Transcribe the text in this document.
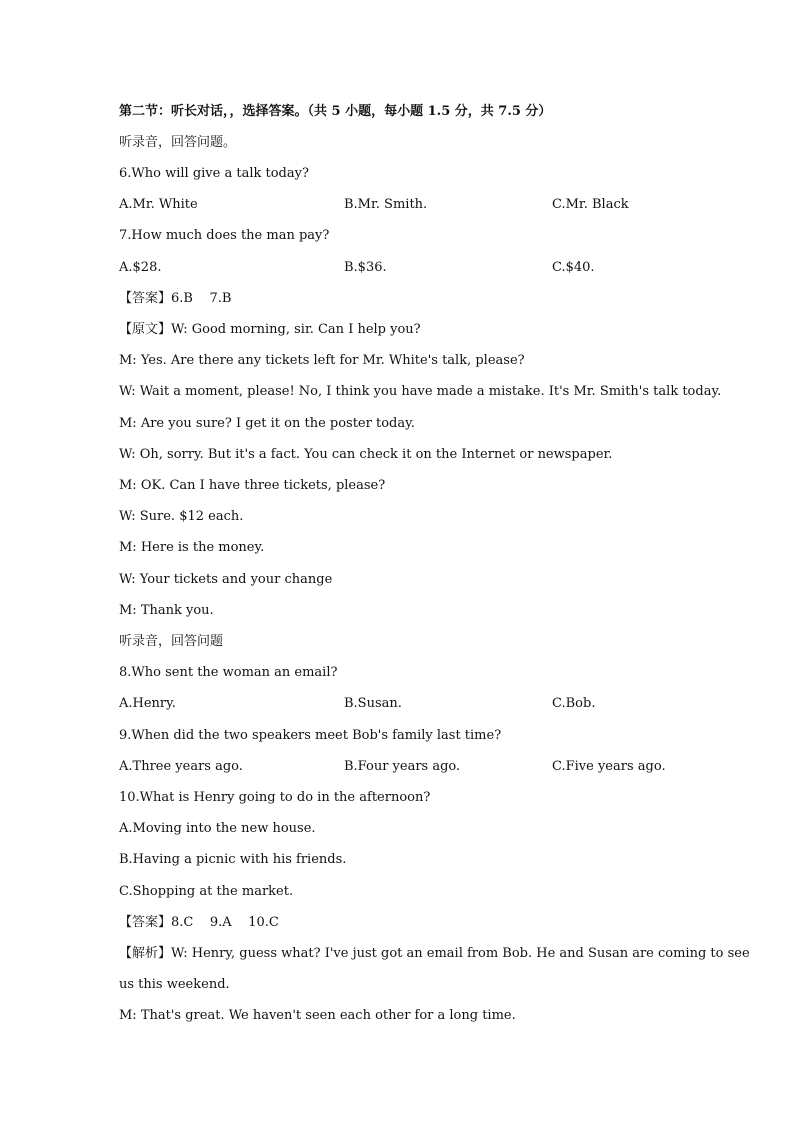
第二节：听长对话，，选择答案。（共 5 小题，每小题 1.5 分，共 7.5 分）
听录音，回答问题。
6.Who will give a talk today?
A.Mr. White	B.Mr. Smith.	C.Mr. Black
7.How much does the man pay?
A.$28.	B.$36.	C.$40.
【答案】6.B    7.B
【原文】W: Good morning, sir. Can I help you?
M: Yes. Are there any tickets left for Mr. White's talk, please?
W: Wait a moment, please! No, I think you have made a mistake. It's Mr. Smith's talk today.
M: Are you sure? I get it on the poster today.
W: Oh, sorry. But it's a fact. You can check it on the Internet or newspaper.
M: OK. Can I have three tickets, please?
W: Sure. $12 each.
M: Here is the money.
W: Your tickets and your change
M: Thank you.
听录音，回答问题
8.Who sent the woman an email?
A.Henry.	B.Susan.	C.Bob.
9.When did the two speakers meet Bob's family last time?
A.Three years ago.	B.Four years ago.	C.Five years ago.
10.What is Henry going to do in the afternoon?
A.Moving into the new house.
B.Having a picnic with his friends.
C.Shopping at the market.
【答案】8.C    9.A    10.C
【解析】W: Henry, guess what? I've just got an email from Bob. He and Susan are coming to see
us this weekend.
M: That's great. We haven't seen each other for a long time.
